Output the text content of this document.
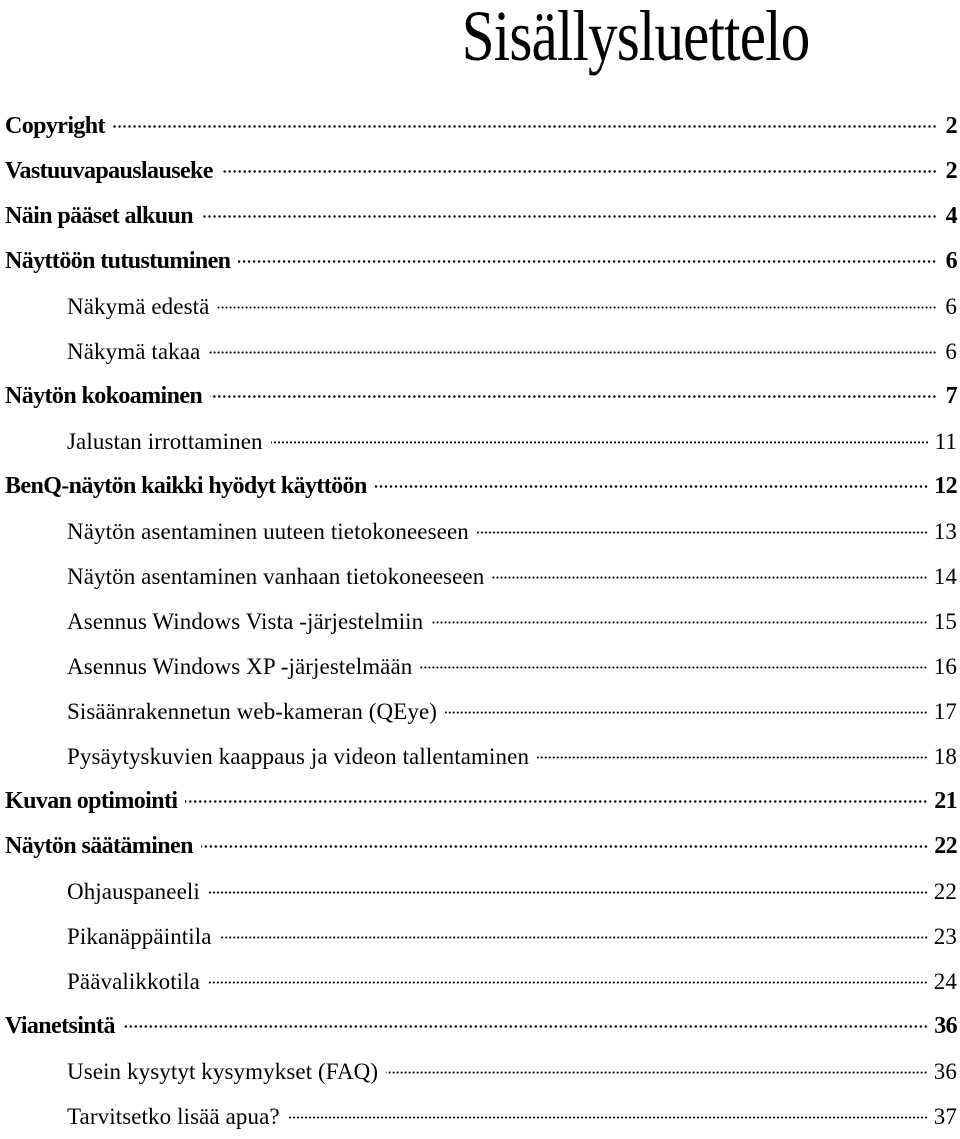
Sisällysluettelo
Copyright	2
Vastuuvapauslauseke	2
Näin pääset alkuun	4
Näyttöön tutustuminen	6
Näkymä edestä	6
Näkymä takaa	6
Näytön kokoaminen	7
Jalustan irrottaminen	11
BenQ-näytön kaikki hyödyt käyttöön	12
Näytön asentaminen uuteen tietokoneeseen	13
Näytön asentaminen vanhaan tietokoneeseen	14
Asennus Windows Vista -järjestelmiin	15
Asennus Windows XP -järjestelmään	16
Sisäänrakennetun web-kameran (QEye)	17
Pysäytyskuvien kaappaus ja videon tallentaminen	18
Kuvan optimointi	21
Näytön säätäminen	22
Ohjauspaneeli	22
Pikanäppäintila	23
Päävalikkotila	24
Vianetsintä	36
Usein kysytyt kysymykset (FAQ)	36
Tarvitsetko lisää apua?	37
